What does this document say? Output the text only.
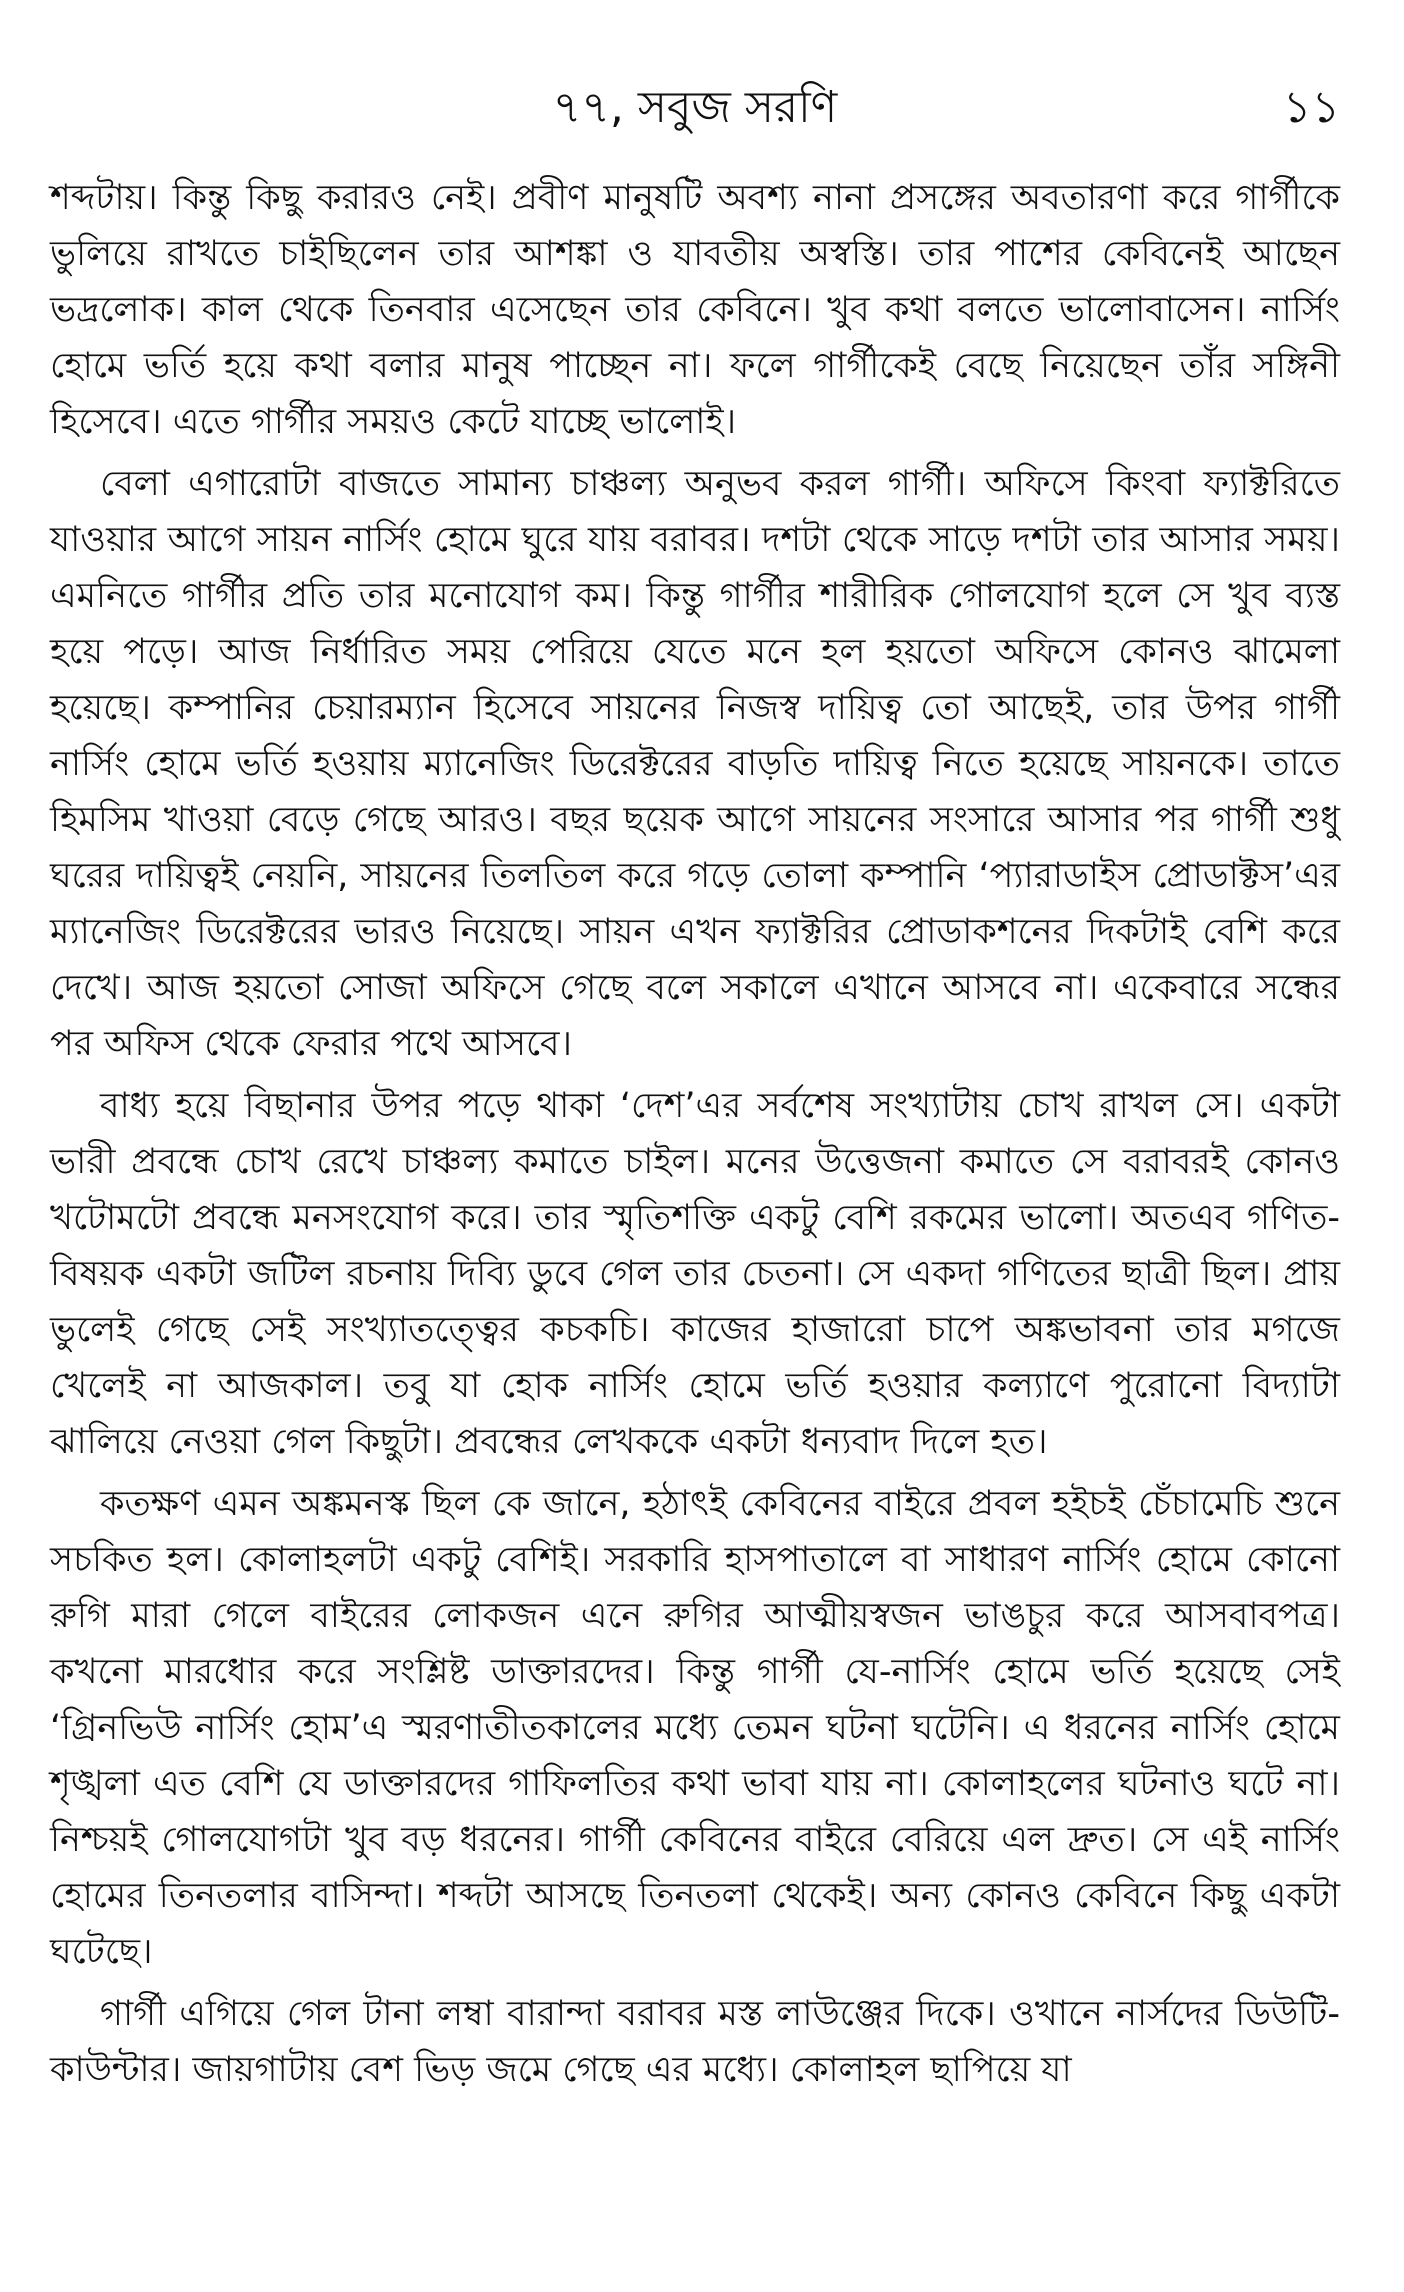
৭৭, সবুজ সরণি	১১

শব্দটায়। কিন্তু কিছু করারও নেই। প্রবীণ মানুষটি অবশ্য নানা প্রসঙ্গের অবতারণা করে গার্গীকে ভুলিয়ে রাখতে চাইছিলেন তার আশঙ্কা ও যাবতীয় অস্বস্তি। তার পাশের কেবিনেই আছেন ভদ্রলোক। কাল থেকে তিনবার এসেছেন তার কেবিনে। খুব কথা বলতে ভালোবাসেন। নার্সিং হোমে ভর্তি হয়ে কথা বলার মানুষ পাচ্ছেন না। ফলে গার্গীকেই বেছে নিয়েছেন তাঁর সঙ্গিনী হিসেবে। এতে গার্গীর সময়ও কেটে যাচ্ছে ভালোই।

বেলা এগারোটা বাজতে সামান্য চাঞ্চল্য অনুভব করল গার্গী। অফিসে কিংবা ফ্যাক্টরিতে যাওয়ার আগে সায়ন নার্সিং হোমে ঘুরে যায় বরাবর। দশটা থেকে সাড়ে দশটা তার আসার সময়। এমনিতে গার্গীর প্রতি তার মনোযোগ কম। কিন্তু গার্গীর শারীরিক গোলযোগ হলে সে খুব ব্যস্ত হয়ে পড়ে। আজ নির্ধারিত সময় পেরিয়ে যেতে মনে হল হয়তো অফিসে কোনও ঝামেলা হয়েছে। কম্পানির চেয়ারম্যান হিসেবে সায়নের নিজস্ব দায়িত্ব তো আছেই, তার উপর গার্গী নার্সিং হোমে ভর্তি হওয়ায় ম্যানেজিং ডিরেক্টরের বাড়তি দায়িত্ব নিতে হয়েছে সায়নকে। তাতে হিমসিম খাওয়া বেড়ে গেছে আরও। বছর ছয়েক আগে সায়নের সংসারে আসার পর গার্গী শুধু ঘরের দায়িত্বই নেয়নি, সায়নের তিলতিল করে গড়ে তোলা কম্পানি ‘প্যারাডাইস প্রোডাক্টস’এর ম্যানেজিং ডিরেক্টরের ভারও নিয়েছে। সায়ন এখন ফ্যাক্টরির প্রোডাকশনের দিকটাই বেশি করে দেখে। আজ হয়তো সোজা অফিসে গেছে বলে সকালে এখানে আসবে না। একেবারে সন্ধের পর অফিস থেকে ফেরার পথে আসবে।

বাধ্য হয়ে বিছানার উপর পড়ে থাকা ‘দেশ’এর সর্বশেষ সংখ্যাটায় চোখ রাখল সে। একটা ভারী প্রবন্ধে চোখ রেখে চাঞ্চল্য কমাতে চাইল। মনের উত্তেজনা কমাতে সে বরাবরই কোনও খটোমটো প্রবন্ধে মনসংযোগ করে। তার স্মৃতিশক্তি একটু বেশি রকমের ভালো। অতএব গণিত-বিষয়ক একটা জটিল রচনায় দিব্যি ডুবে গেল তার চেতনা। সে একদা গণিতের ছাত্রী ছিল। প্রায় ভুলেই গেছে সেই সংখ্যাতত্ত্বের কচকচি। কাজের হাজারো চাপে অঙ্কভাবনা তার মগজে খেলেই না আজকাল। তবু যা হোক নার্সিং হোমে ভর্তি হওয়ার কল্যাণে পুরোনো বিদ্যাটা ঝালিয়ে নেওয়া গেল কিছুটা। প্রবন্ধের লেখককে একটা ধন্যবাদ দিলে হত।

কতক্ষণ এমন অঙ্কমনস্ক ছিল কে জানে, হঠাৎই কেবিনের বাইরে প্রবল হইচই চেঁচামেচি শুনে সচকিত হল। কোলাহলটা একটু বেশিই। সরকারি হাসপাতালে বা সাধারণ নার্সিং হোমে কোনো রুগি মারা গেলে বাইরের লোকজন এনে রুগির আত্মীয়স্বজন ভাঙচুর করে আসবাবপত্র। কখনো মারধোর করে সংশ্লিষ্ট ডাক্তারদের। কিন্তু গার্গী যে-নার্সিং হোমে ভর্তি হয়েছে সেই ‘গ্রিনভিউ নার্সিং হোম’এ স্মরণাতীতকালের মধ্যে তেমন ঘটনা ঘটেনি। এ ধরনের নার্সিং হোমে শৃঙ্খলা এত বেশি যে ডাক্তারদের গাফিলতির কথা ভাবা যায় না। কোলাহলের ঘটনাও ঘটে না। নিশ্চয়ই গোলযোগটা খুব বড় ধরনের। গার্গী কেবিনের বাইরে বেরিয়ে এল দ্রুত। সে এই নার্সিং হোমের তিনতলার বাসিন্দা। শব্দটা আসছে তিনতলা থেকেই। অন্য কোনও কেবিনে কিছু একটা ঘটেছে।

গার্গী এগিয়ে গেল টানা লম্বা বারান্দা বরাবর মস্ত লাউঞ্জের দিকে। ওখানে নার্সদের ডিউটি-কাউন্টার। জায়গাটায় বেশ ভিড় জমে গেছে এর মধ্যে। কোলাহল ছাপিয়ে যা
